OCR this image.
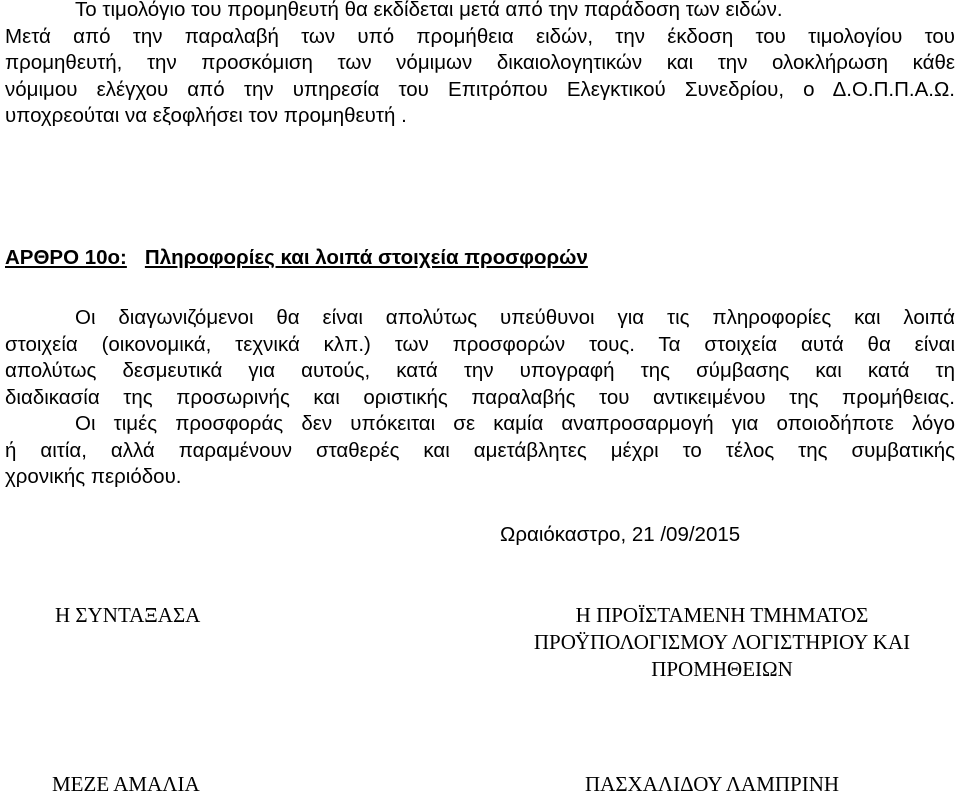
Το τιμολόγιο του προμηθευτή θα εκδίδεται μετά από την παράδοση των ειδών.
Μετά από την παραλαβή των υπό προμήθεια ειδών, την έκδοση του τιμολογίου του
προμηθευτή, την προσκόμιση των νόμιμων δικαιολογητικών και την ολοκλήρωση κάθε
νόμιμου ελέγχου από την υπηρεσία του Επιτρόπου Ελεγκτικού Συνεδρίου, ο Δ.Ο.Π.Π.Α.Ω.
υποχρεούται να εξοφλήσει τον προμηθευτή .
ΑΡΘΡΟ 10ο: Πληροφορίες και λοιπά στοιχεία προσφορών
Οι διαγωνιζόμενοι θα είναι απολύτως υπεύθυνοι για τις πληροφορίες και λοιπά
στοιχεία (οικονομικά, τεχνικά κλπ.) των προσφορών τους. Τα στοιχεία αυτά θα είναι
απολύτως δεσμευτικά για αυτούς, κατά την υπογραφή της σύμβασης και κατά τη
διαδικασία της προσωρινής και οριστικής παραλαβής του αντικειμένου της προμήθειας.
Οι τιμές προσφοράς δεν υπόκειται σε καμία αναπροσαρμογή για οποιοδήποτε λόγο
ή αιτία, αλλά παραμένουν σταθερές και αμετάβλητες μέχρι το τέλος της συμβατικής
χρονικής περιόδου.
Ωραιόκαστρο, 21 /09/2015
Η ΣΥΝΤΑΞΑΣΑ	Η ΠΡΟΪΣΤΑΜΕΝΗ ΤΜΗΜΑΤΟΣ
ΠΡΟΫΠΟΛΟΓΙΣΜΟΥ ΛΟΓΙΣΤΗΡΙΟΥ ΚΑΙ
ΠΡΟΜΗΘΕΙΩΝ
ΜΕΖΕ ΑΜΑΛΙΑ	ΠΑΣΧΑΛΙΔΟΥ ΛΑΜΠΡΙΝΗ
